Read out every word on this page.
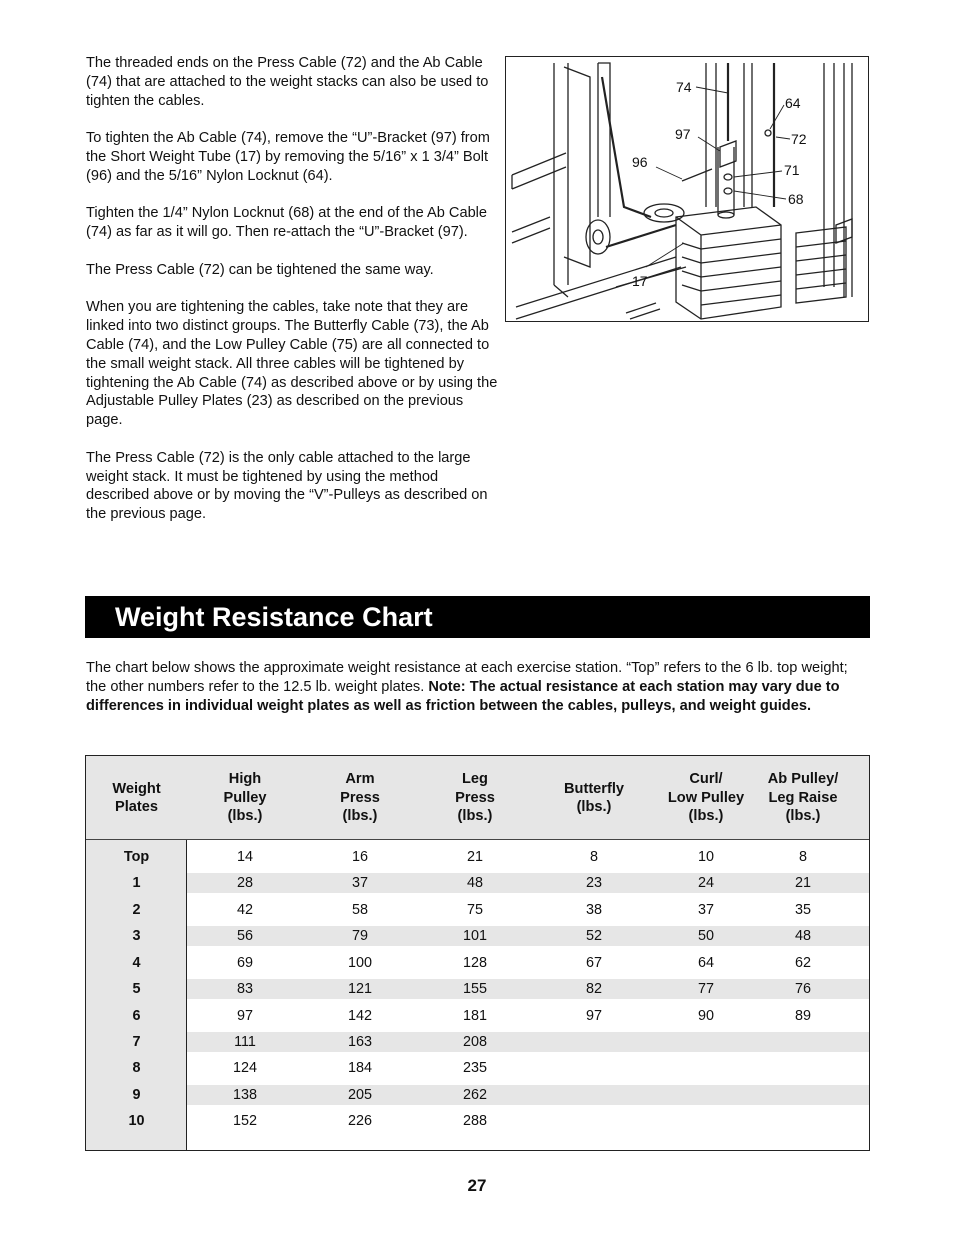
The threaded ends on the Press Cable (72) and the Ab Cable (74) that are attached to the weight stacks can also be used to tighten the cables.

To tighten the Ab Cable (74), remove the “U”-Bracket (97) from the Short Weight Tube (17) by removing the 5/16” x 1 3/4” Bolt (96) and the 5/16” Nylon Locknut (64).

Tighten the 1/4” Nylon Locknut (68) at the end of the Ab Cable (74) as far as it will go. Then re-attach the “U”-Bracket (97).

The Press Cable (72) can be tightened the same way.

When you are tightening the cables, take note that they are linked into two distinct groups. The Butterfly Cable (73), the Ab Cable (74), and the Low Pulley Cable (75) are all connected to the small weight stack. All three cables will be tightened by tightening the Ab Cable (74) as described above or by using the Adjustable Pulley Plates (23) as described on the previous page.

The Press Cable (72) is the only cable attached to the large weight stack. It must be tightened by using the method described above or by moving the “V”-Pulleys as described on the previous page.

74
64
97	72
96	71
68
17
Weight Resistance Chart

The chart below shows the approximate weight resistance at each exercise station. “Top” refers to the 6 lb. top weight; the other numbers refer to the 12.5 lb. weight plates. Note: The actual resistance at each station may vary due to differences in individual weight plates as well as friction between the cables, pulleys, and weight guides.

Weight
Plates
High
Pulley
(lbs.)
Arm
Press
(lbs.)
Leg
Press
(lbs.)
Butterfly
(lbs.)

Curl/
Low Pulley
(lbs.)
Ab Pulley/
Leg Raise
(lbs.)
Top	14	16	21	8	10	8
1	28	37	48	23	24	21
2	42	58	75	38	37	35
3	56	79	101	52	50	48
4	69	100	128	67	64	62
5	83	121	155	82	77	76
6	97	142	181	97	90	89
7	111	163	208
8	124	184	235
9	138	205	262
10	152	226	288
27
